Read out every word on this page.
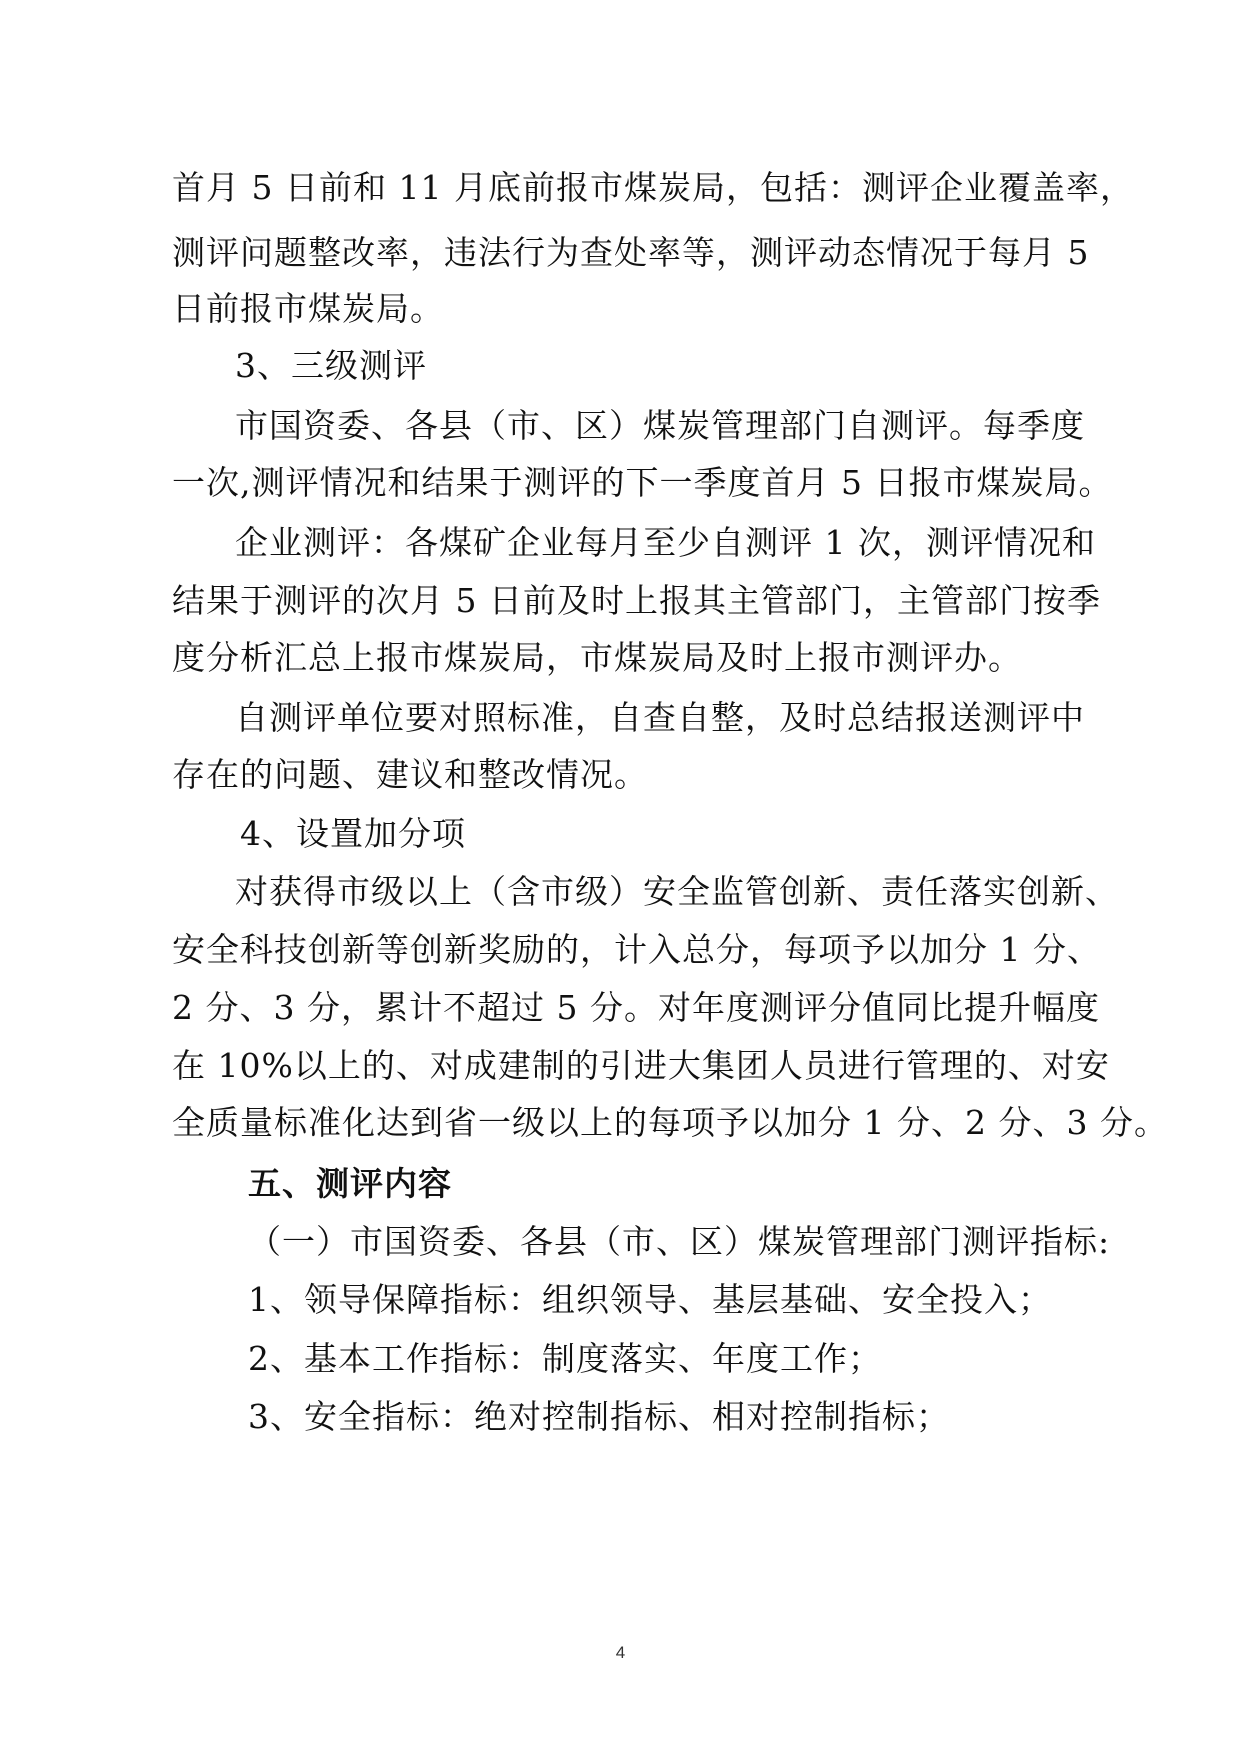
首月 5 日前和 11 月底前报市煤炭局，包括：测评企业覆盖率，
测评问题整改率，违法行为查处率等，测评动态情况于每月 5
日前报市煤炭局。
3、三级测评
市国资委、各县（市、区）煤炭管理部门自测评。每季度
一次,测评情况和结果于测评的下一季度首月 5 日报市煤炭局。
企业测评：各煤矿企业每月至少自测评 1 次，测评情况和
结果于测评的次月 5 日前及时上报其主管部门，主管部门按季
度分析汇总上报市煤炭局，市煤炭局及时上报市测评办。
自测评单位要对照标准，自查自整，及时总结报送测评中
存在的问题、建议和整改情况。
4、设置加分项
对获得市级以上（含市级）安全监管创新、责任落实创新、
安全科技创新等创新奖励的，计入总分，每项予以加分 1 分、
2 分、3 分，累计不超过 5 分。对年度测评分值同比提升幅度
在 10%以上的、对成建制的引进大集团人员进行管理的、对安
全质量标准化达到省一级以上的每项予以加分 1 分、2 分、3 分。
五、测评内容
（一）市国资委、各县（市、区）煤炭管理部门测评指标:
1、领导保障指标：组织领导、基层基础、安全投入；
2、基本工作指标：制度落实、年度工作；
3、安全指标：绝对控制指标、相对控制指标；
4
